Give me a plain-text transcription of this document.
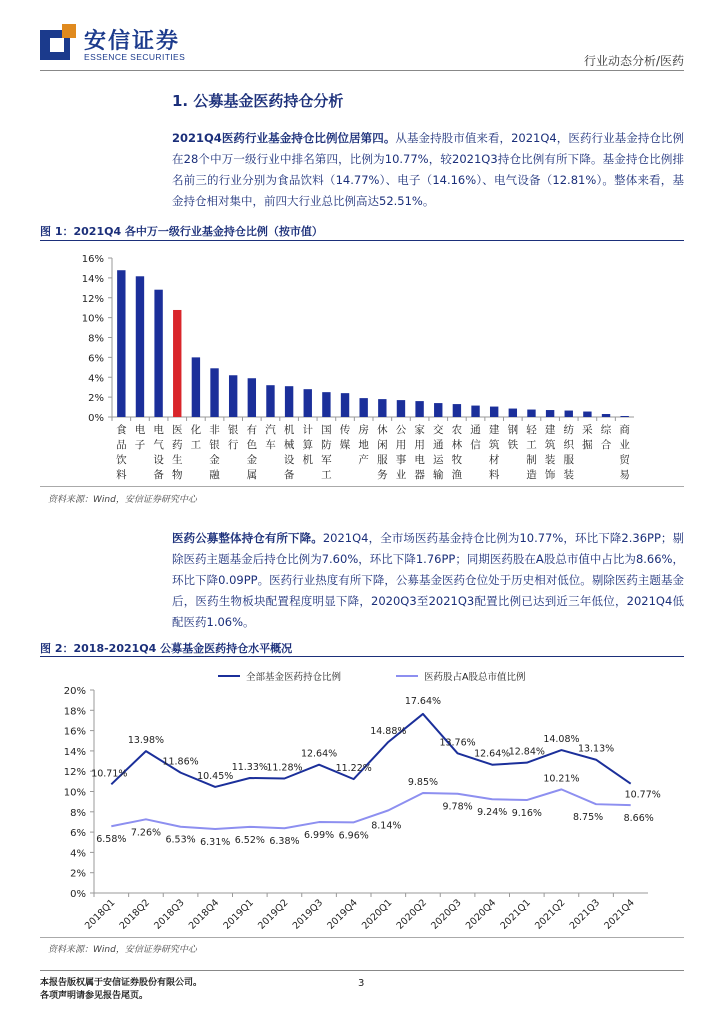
安信证券
ESSENCE SECURITIES	行业动态分析/医药
1. 公募基金医药持仓分析
2021Q4医药行业基金持仓比例位居第四。从基金持股市值来看，2021Q4，医药行业基金持仓比例在28个中万一级行业中排名第四，比例为10.77%，较2021Q3持仓比例有所下降。基金持仓比例排名前三的行业分别为食品饮料（14.77%）、电子（14.16%）、电气设备（12.81%）。整体来看，基金持仓相对集中，前四大行业总比例高达52.51%。
图 1：2021Q4 各中万一级行业基金持仓比例（按市值）
0%
2%
4%
6%
8%
10%
12%
14%
16%
食
品
饮
料
电
子
电
气
设
备
医
药
生
物
化
工
非
银
金
融
银
行
有
色
金
属
汽
车
机
械
设
备
计
算
机
国
防
军
工
传
媒
房
地
产
休
闲
服
务
公
用
事
业
家
用
电
器
交
通
运
输
农
林
牧
渔
通
信
建
筑
材
料
钢
铁
轻
工
制
造
建
筑
装
饰
纺
织
服
装
采
掘
综
合
商
业
贸
易
资料来源：Wind，安信证券研究中心
医药公募整体持仓有所下降。2021Q4，全市场医药基金持仓比例为10.77%，环比下降2.36PP；剔除医药主题基金后持仓比例为7.60%，环比下降1.76PP；同期医药股在A股总市值中占比为8.66%，环比下降0.09PP。医药行业热度有所下降，公募基金医药仓位处于历史相对低位。剔除医药主题基金后，医药生物板块配置程度明显下降，2020Q3至2021Q3配置比例已达到近三年低位，2021Q4低配医药1.06%。
图 2：2018-2021Q4 公募基金医药持仓水平概况
0%
2%
4%
6%
8%
10%
12%
14%
16%
18%
20%
2018Q1 2018Q2 2018Q3 2018Q4 2019Q1 2019Q2 2019Q3 2019Q4 2020Q1 2020Q2 2020Q3 2020Q4 2021Q1 2021Q2 2021Q3 2021Q4
全部基金医药持仓比例	医药股占A股总市值比例
10.71%
13.98%
11.86%
10.45%
11.33%
11.28%
12.64%
11.22%
14.88%
17.64%
13.76%
12.64%
12.84%
14.08%
13.13%
10.77%
6.58%
7.26%
6.53% 6.31% 6.52% 6.38%
6.99% 6.96%
8.14%
9.85%
9.78% 9.24% 9.16%
10.21%
8.75% 8.66%
资料来源：Wind，安信证券研究中心
本报告版权属于安信证券股份有限公司。
各项声明请参见报告尾页。
3
